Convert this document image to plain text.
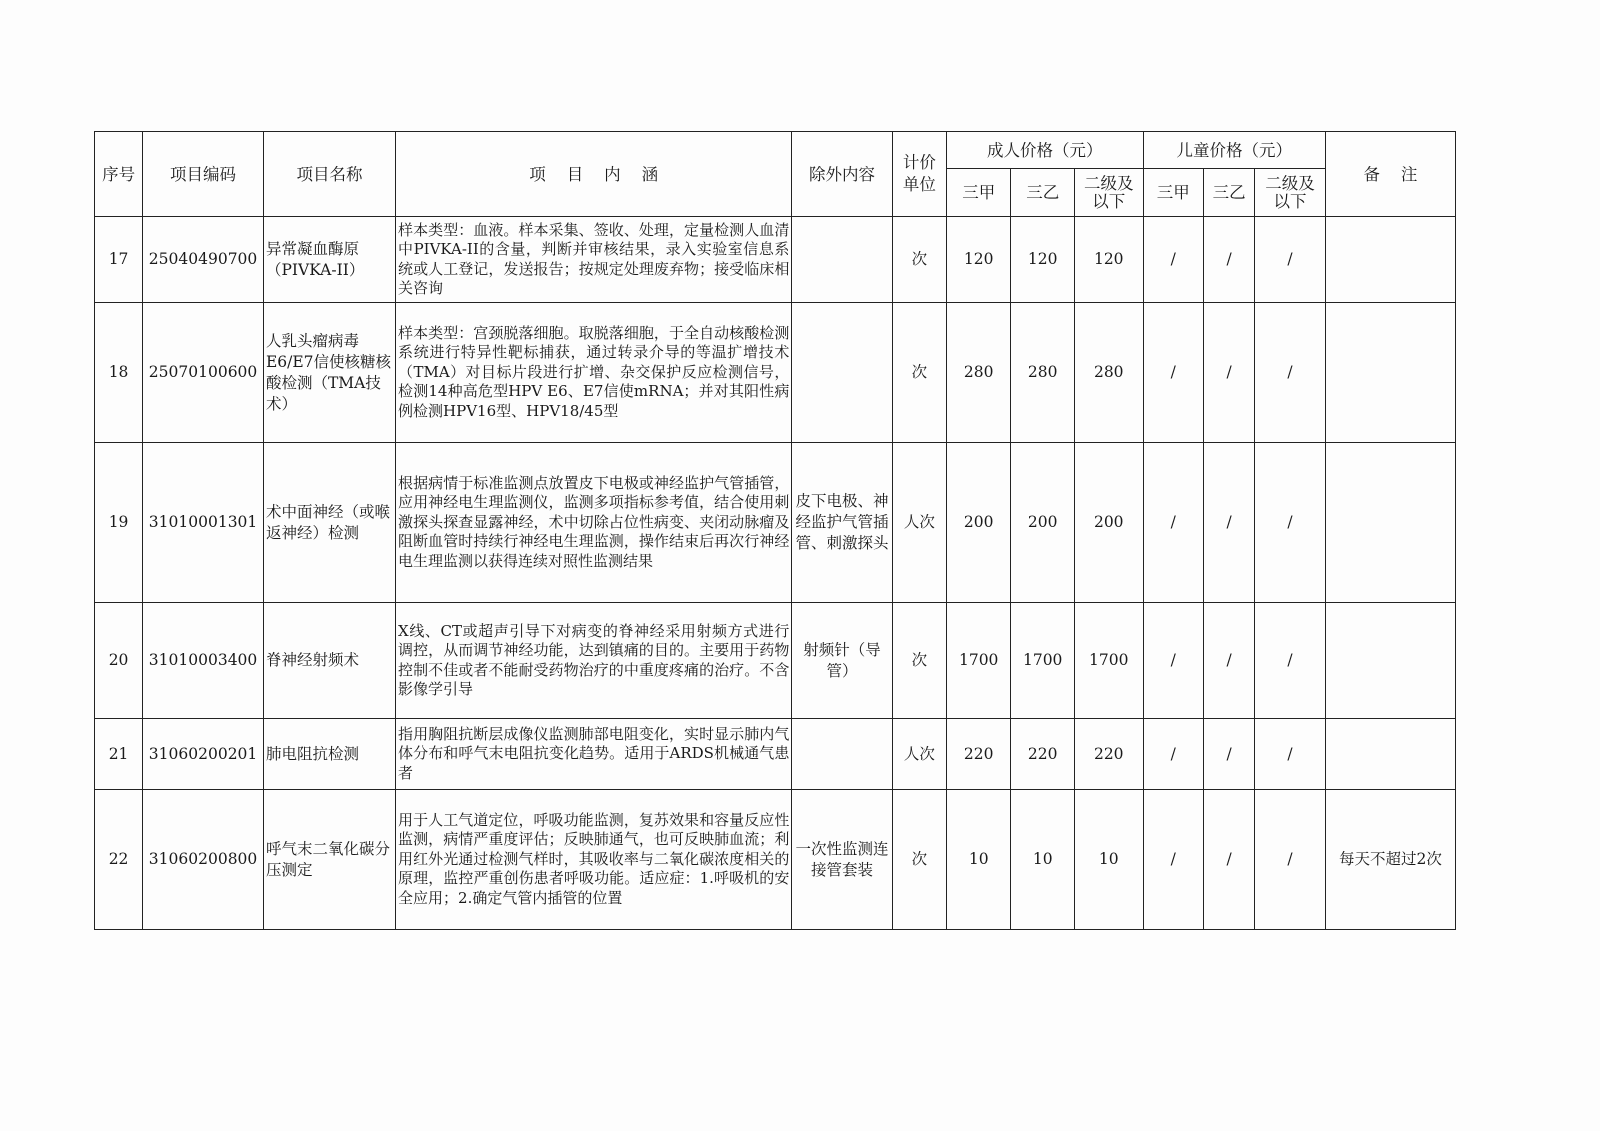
序号	项目编码	项目名称	项    目    内    涵	除外内容	计价单位	成人价格（元）			儿童价格（元）			备    注
						三甲	三乙	二级及以下	三甲	三乙	二级及以下	
17	25040490700	异常凝血酶原（PIVKA-II）	样本类型：血液。样本采集、签收、处理，定量检测人血清中PIVKA-II的含量，判断并审核结果，录入实验室信息系统或人工登记，发送报告；按规定处理废弃物；接受临床相关咨询		次	120	120	120	/	/	/	
18	25070100600	人乳头瘤病毒E6/E7信使核糖核酸检测（TMA技术）	样本类型：宫颈脱落细胞。取脱落细胞，于全自动核酸检测系统进行特异性靶标捕获，通过转录介导的等温扩增技术（TMA）对目标片段进行扩增、杂交保护反应检测信号，检测14种高危型HPV E6、E7信使mRNA；并对其阳性病例检测HPV16型、HPV18/45型		次	280	280	280	/	/	/	
19	31010001301	术中面神经（或喉返神经）检测	根据病情于标准监测点放置皮下电极或神经监护气管插管，应用神经电生理监测仪，监测多项指标参考值，结合使用刺激探头探查显露神经，术中切除占位性病变、夹闭动脉瘤及阻断血管时持续行神经电生理监测，操作结束后再次行神经电生理监测以获得连续对照性监测结果	皮下电极、神经监护气管插管、刺激探头	人次	200	200	200	/	/	/	
20	31010003400	脊神经射频术	X线、CT或超声引导下对病变的脊神经采用射频方式进行调控，从而调节神经功能，达到镇痛的目的。主要用于药物控制不佳或者不能耐受药物治疗的中重度疼痛的治疗。不含影像学引导	射频针（导管）	次	1700	1700	1700	/	/	/	
21	31060200201	肺电阻抗检测	指用胸阻抗断层成像仪监测肺部电阻变化，实时显示肺内气体分布和呼气末电阻抗变化趋势。适用于ARDS机械通气患者		人次	220	220	220	/	/	/	
22	31060200800	呼气末二氧化碳分压测定	用于人工气道定位，呼吸功能监测，复苏效果和容量反应性监测，病情严重度评估；反映肺通气，也可反映肺血流；利用红外光通过检测气样时，其吸收率与二氧化碳浓度相关的原理，监控严重创伤患者呼吸功能。适应症：1.呼吸机的安全应用；2.确定气管内插管的位置	一次性监测连接管套装	次	10	10	10	/	/	/	每天不超过2次
